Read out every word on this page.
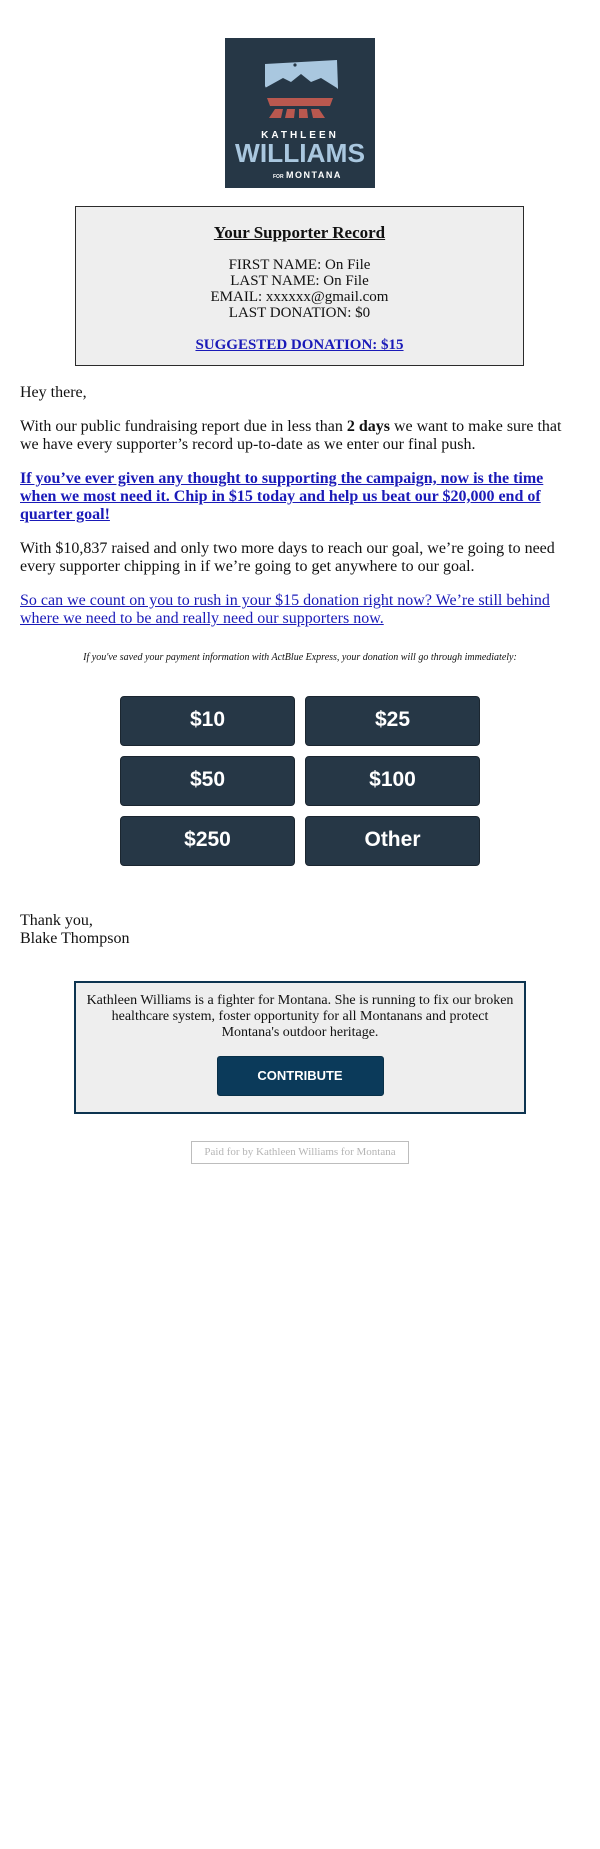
KATHLEEN
WILLIAMS
FOR MONTANA
Your Supporter Record
FIRST NAME: On File
LAST NAME: On File
EMAIL: xxxxxx@gmail.com
LAST DONATION: $0
SUGGESTED DONATION: $15

Hey there,

With our public fundraising report due in less than 2 days we want to make sure that we have every supporter’s record up-to-date as we enter our final push.

If you’ve ever given any thought to supporting the campaign, now is the time when we most need it. Chip in $15 today and help us beat our $20,000 end of quarter goal!

With $10,837 raised and only two more days to reach our goal, we’re going to need every supporter chipping in if we’re going to get anywhere to our goal.

So can we count on you to rush in your $15 donation right now? We’re still behind where we need to be and really need our supporters now.

If you've saved your payment information with ActBlue Express, your donation will go through immediately:
$10	$25
$50	$100
$250	Other

Thank you,
Blake Thompson

Kathleen Williams is a fighter for Montana. She is running to fix our broken healthcare system, foster opportunity for all Montanans and protect Montana's outdoor heritage.
CONTRIBUTE
Paid for by Kathleen Williams for Montana
